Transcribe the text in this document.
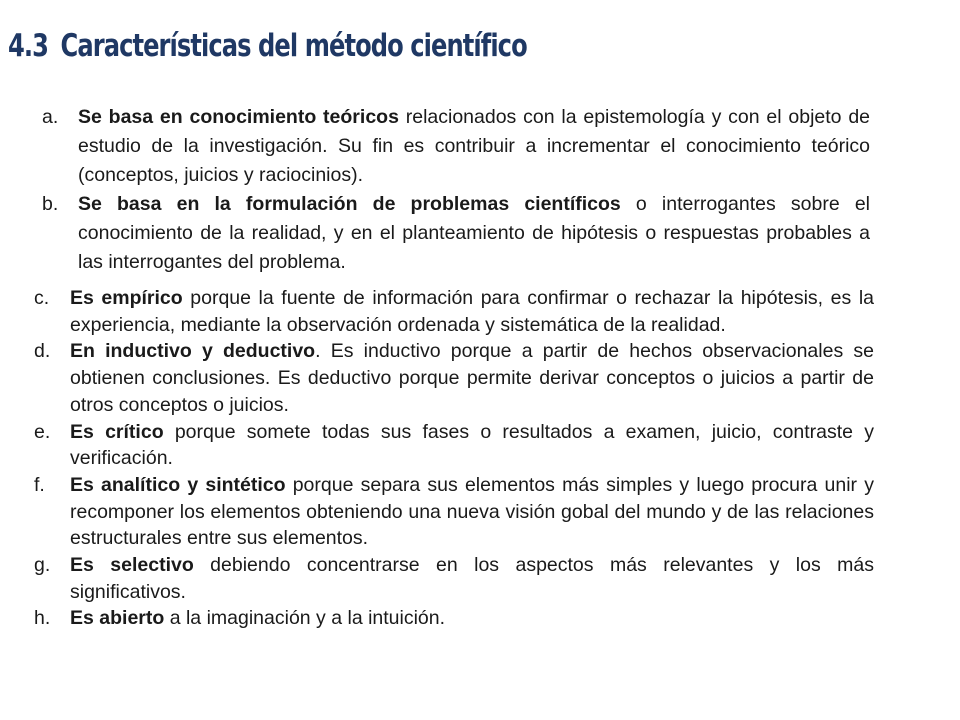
4.3 Características del método científico
a.	Se basa en conocimiento teóricos relacionados con la epistemología y con el objeto de estudio de la investigación. Su fin es contribuir a incrementar el conocimiento teórico (conceptos, juicios y raciocinios).
b.	Se basa en la formulación de problemas científicos o interrogantes sobre el conocimiento de la realidad, y en el planteamiento de hipótesis o respuestas probables a las interrogantes del problema.
c.	Es empírico porque la fuente de información para confirmar o rechazar la hipótesis, es la experiencia, mediante la observación ordenada y sistemática de la realidad.
d.	En inductivo y deductivo. Es inductivo porque a partir de hechos observacionales se obtienen conclusiones. Es deductivo porque permite derivar conceptos o juicios a partir de otros conceptos o juicios.
e.	Es crítico porque somete todas sus fases o resultados a examen, juicio, contraste y verificación.
f.	Es analítico y sintético porque separa sus elementos más simples y luego procura unir y recomponer los elementos obteniendo una nueva visión gobal del mundo y de las relaciones estructurales entre sus elementos.
g.	Es selectivo debiendo concentrarse en los aspectos más relevantes y los más significativos.
h.	Es abierto a la imaginación y a la intuición.
